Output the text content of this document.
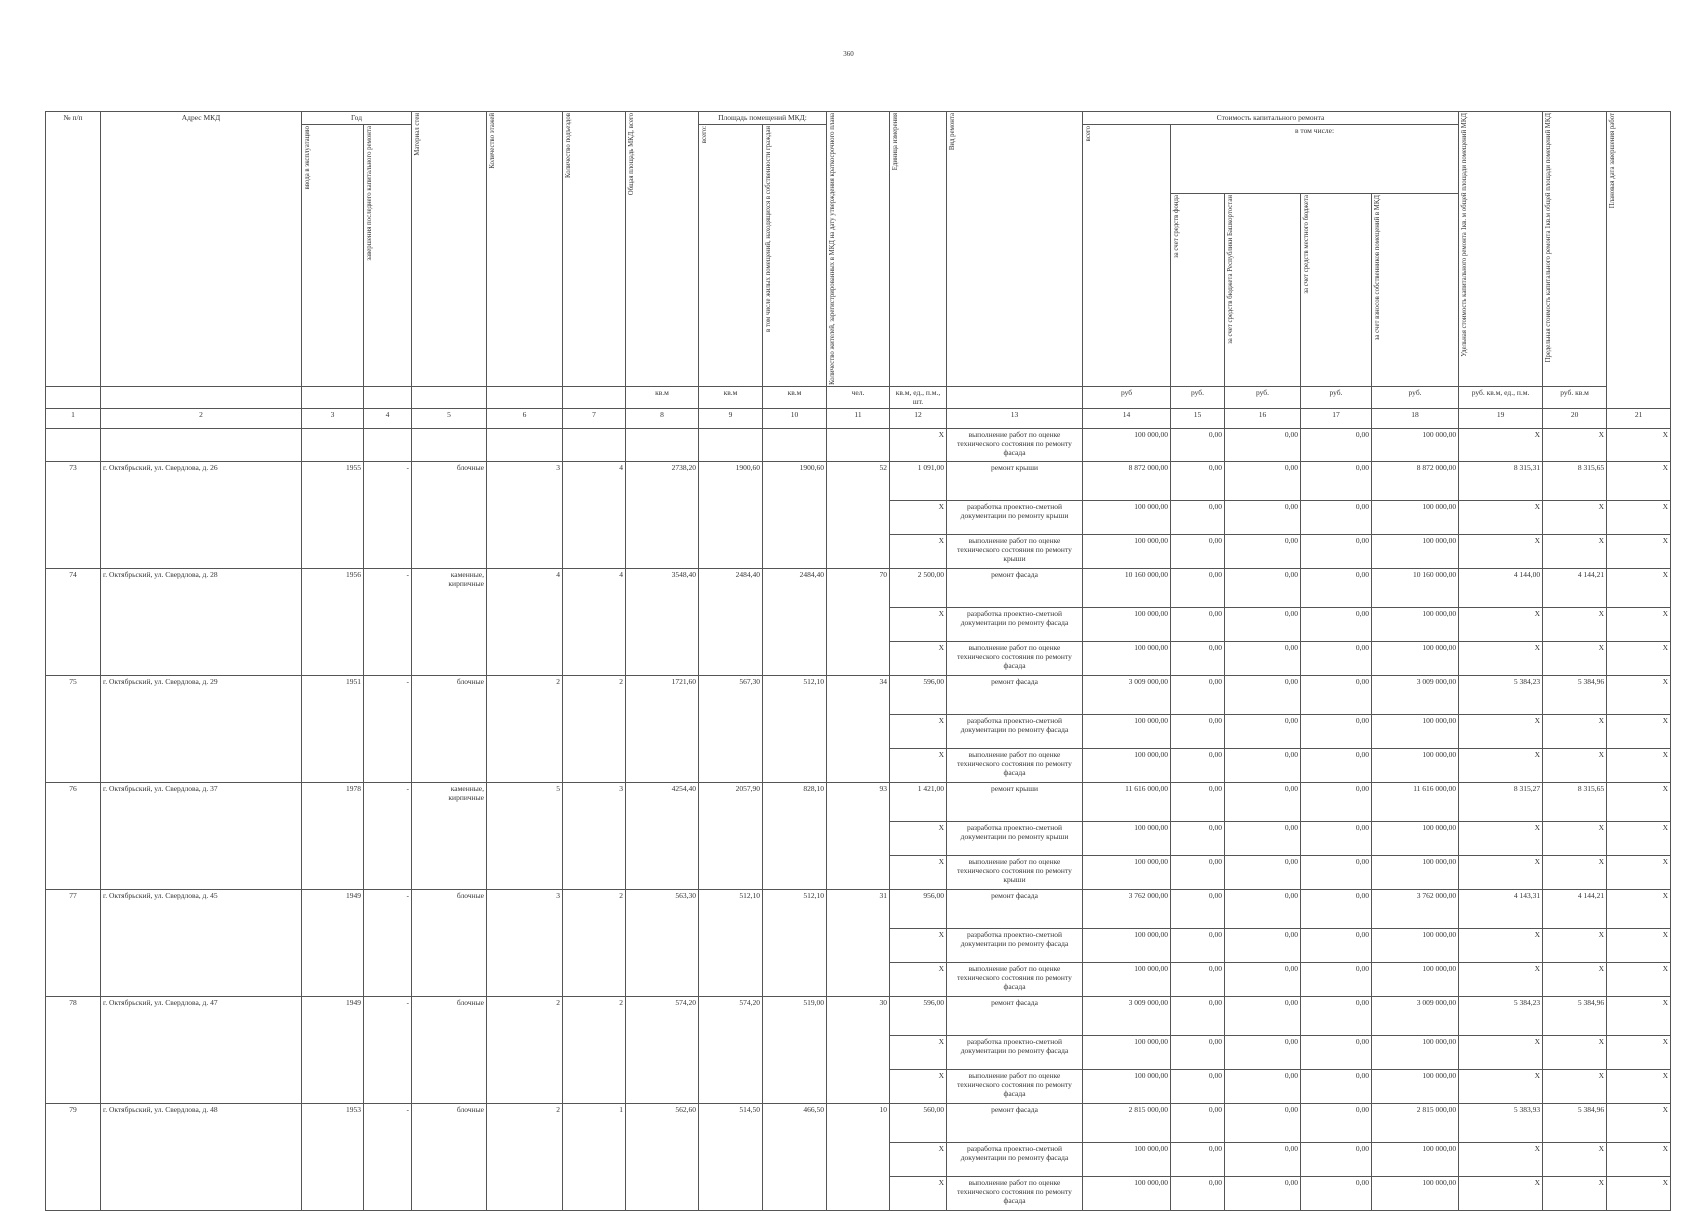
360
№ п/п	Адрес МКД	Год		Материал стен	Количество этажей	Количество подъездов	Общая площадь МКД, всего	Площадь помещений МКД:		Количество жителей, зарегистрированных в МКД на дату утверждения краткосрочного плана	Единица измерения	Вид ремонта	Стоимость капитального ремонта					Удельная стоимость капитального ремонта 1кв. м общей площади помещений МКД	Предельная стоимость капитального ремонта 1кв.м общей площади помещений МКД	Плановая дата завершения работ

		ввода в эксплуатацию	завершения последнего капитального ремонта					всего:	в том числе жилых помещений, находящихся в собственности граждан				всего	в том числе:						

														за счет средств фонда	за счет средств бюджета Республики Башкортостан	за счет средств местного бюджета	за счет взносов собственников помещений в МКД			

							кв.м	кв.м	кв.м	чел.	кв.м, ед., п.м., шт.		руб	руб.	руб.	руб.	руб.	руб. кв.м, ед., п.м.	руб. кв.м	
1	2	3	4	5	6	7	8	9	10	11	12	13	14	15	16	17	18	19	20	21
											X	выполнение работ по оценке технического состояния по ремонту фасада	100 000,00	0,00	0,00	0,00	100 000,00	X	X	X
73	г. Октябрьский, ул. Свердлова, д. 26	1955	-	блочные	3	4	2738,20	1900,60	1900,60	52	1 091,00	ремонт крыши	8 872 000,00	0,00	0,00	0,00	8 872 000,00	8 315,31	8 315,65	X
											X	разработка проектно-сметной документации по ремонту крыши	100 000,00	0,00	0,00	0,00	100 000,00	X	X	X
											X	выполнение работ по оценке технического состояния по ремонту крыши	100 000,00	0,00	0,00	0,00	100 000,00	X	X	X
74	г. Октябрьский, ул. Свердлова, д. 28	1956	-	каменные, кирпичные	4	4	3548,40	2484,40	2484,40	70	2 500,00	ремонт фасада	10 160 000,00	0,00	0,00	0,00	10 160 000,00	4 144,00	4 144,21	X
											X	разработка проектно-сметной документации по ремонту фасада	100 000,00	0,00	0,00	0,00	100 000,00	X	X	X
											X	выполнение работ по оценке технического состояния по ремонту фасада	100 000,00	0,00	0,00	0,00	100 000,00	X	X	X
75	г. Октябрьский, ул. Свердлова, д. 29	1951	-	блочные	2	2	1721,60	567,30	512,10	34	596,00	ремонт фасада	3 009 000,00	0,00	0,00	0,00	3 009 000,00	5 384,23	5 384,96	X
											X	разработка проектно-сметной документации по ремонту фасада	100 000,00	0,00	0,00	0,00	100 000,00	X	X	X
											X	выполнение работ по оценке технического состояния по ремонту фасада	100 000,00	0,00	0,00	0,00	100 000,00	X	X	X
76	г. Октябрьский, ул. Свердлова, д. 37	1978	-	каменные, кирпичные	5	3	4254,40	2057,90	828,10	93	1 421,00	ремонт крыши	11 616 000,00	0,00	0,00	0,00	11 616 000,00	8 315,27	8 315,65	X
											X	разработка проектно-сметной документации по ремонту крыши	100 000,00	0,00	0,00	0,00	100 000,00	X	X	X
											X	выполнение работ по оценке технического состояния по ремонту крыши	100 000,00	0,00	0,00	0,00	100 000,00	X	X	X
77	г. Октябрьский, ул. Свердлова, д. 45	1949	-	блочные	3	2	563,30	512,10	512,10	31	956,00	ремонт фасада	3 762 000,00	0,00	0,00	0,00	3 762 000,00	4 143,31	4 144,21	X
											X	разработка проектно-сметной документации по ремонту фасада	100 000,00	0,00	0,00	0,00	100 000,00	X	X	X
											X	выполнение работ по оценке технического состояния по ремонту фасада	100 000,00	0,00	0,00	0,00	100 000,00	X	X	X
78	г. Октябрьский, ул. Свердлова, д. 47	1949	-	блочные	2	2	574,20	574,20	519,00	30	596,00	ремонт фасада	3 009 000,00	0,00	0,00	0,00	3 009 000,00	5 384,23	5 384,96	X
											X	разработка проектно-сметной документации по ремонту фасада	100 000,00	0,00	0,00	0,00	100 000,00	X	X	X
											X	выполнение работ по оценке технического состояния по ремонту фасада	100 000,00	0,00	0,00	0,00	100 000,00	X	X	X
79	г. Октябрьский, ул. Свердлова, д. 48	1953	-	блочные	2	1	562,60	514,50	466,50	10	560,00	ремонт фасада	2 815 000,00	0,00	0,00	0,00	2 815 000,00	5 383,93	5 384,96	X
											X	разработка проектно-сметной документации по ремонту фасада	100 000,00	0,00	0,00	0,00	100 000,00	X	X	X
											X	выполнение работ по оценке технического состояния по ремонту фасада	100 000,00	0,00	0,00	0,00	100 000,00	X	X	X
